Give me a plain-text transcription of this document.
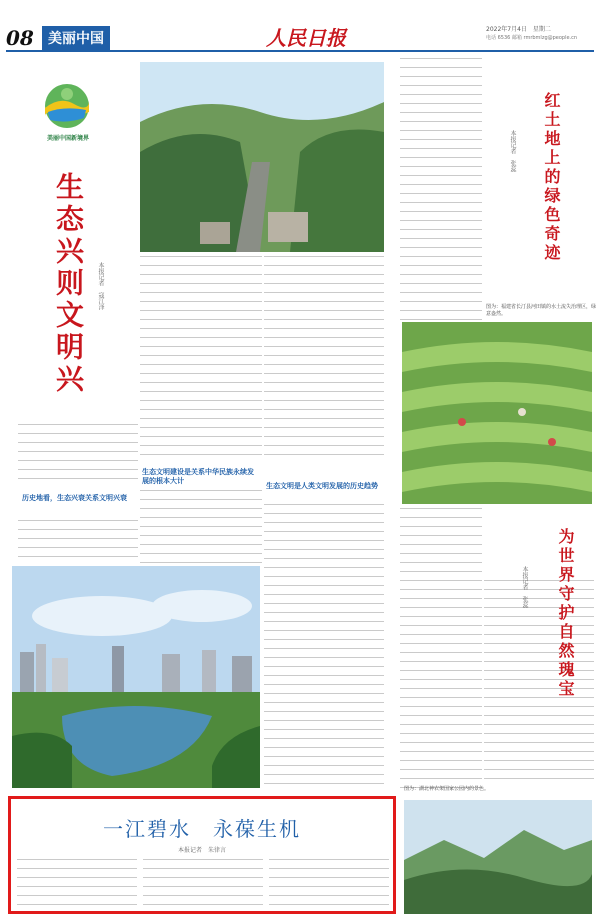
08	美丽中国	人民日报	2022年7月4日　星期二
电话 6536 邮箱 rmrbmlzg@people.cn
美丽中国新境界
生态兴则文明兴	本报记者　寇江泽
历史地看，生态兴衰关系文明兴衰
生态文明建设是关系中华民族永续发展的根本大计
生态文明是人类文明发展的历史趋势
红土地上的绿色奇迹
本报记者　张蕊
图为：福建省长汀县河田镇的水土流失治理区，绿意盎然。
为世界守护自然瑰宝
本报记者　张蕊
图为：湖北神农架国家公园内的景色。
一江碧水　永葆生机
本报记者　朱律言
